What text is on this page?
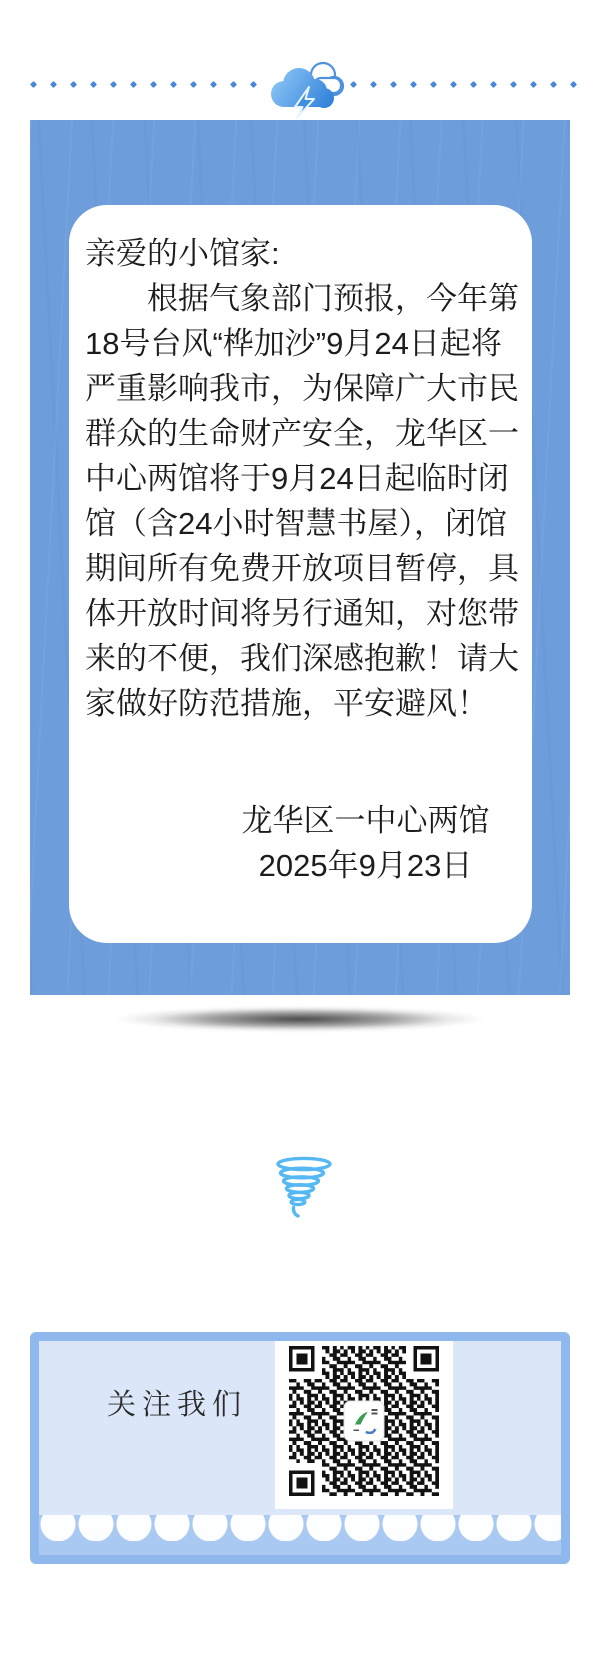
亲爱的小馆家:
根据气象部门预报，今年第
18号台风“桦加沙”9月24日起将
严重影响我市，为保障广大市民
群众的生命财产安全，龙华区一
中心两馆将于9月24日起临时闭
馆（含24小时智慧书屋），闭馆
期间所有免费开放项目暂停，具
体开放时间将另行通知，对您带
来的不便，我们深感抱歉！请大
家做好防范措施，平安避风！
龙华区一中心两馆
2025年9月23日
关注我们
